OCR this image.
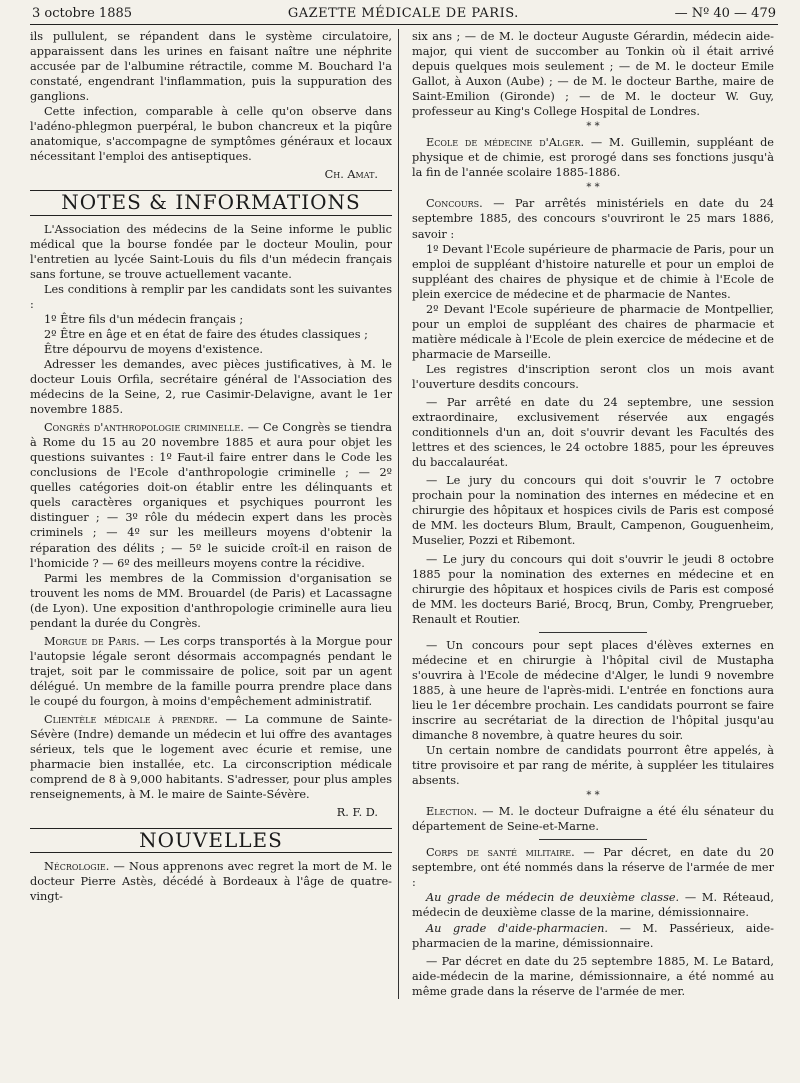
3 octobre 1885	GAZETTE MÉDICALE DE PARIS.	— Nº 40 — 479

ils pullulent, se répandent dans le système circulatoire, apparaissent dans les urines en faisant naître une néphrite accusée par de l'albumine rétractile, comme M. Bouchard l'a constaté, engendrant l'inflammation, puis la suppuration des ganglions.

Cette infection, comparable à celle qu'on observe dans l'adéno-phlegmon puerpéral, le bubon chancreux et la piqûre anatomique, s'accompagne de symptômes généraux et locaux nécessitant l'emploi des antiseptiques.

Ch. Amat.
NOTES & INFORMATIONS

L'Association des médecins de la Seine informe le public médical que la bourse fondée par le docteur Moulin, pour l'entretien au lycée Saint-Louis du fils d'un médecin français sans fortune, se trouve actuellement vacante.

Les conditions à remplir par les candidats sont les suivantes :

1º Être fils d'un médecin français ;

2º Être en âge et en état de faire des études classiques ;

Être dépourvu de moyens d'existence.

Adresser les demandes, avec pièces justificatives, à M. le docteur Louis Orfila, secrétaire général de l'Association des médecins de la Seine, 2, rue Casimir-Delavigne, avant le 1er novembre 1885.

Congrès d'anthropologie criminelle. — Ce Congrès se tiendra à Rome du 15 au 20 novembre 1885 et aura pour objet les questions suivantes : 1º Faut-il faire entrer dans le Code les conclusions de l'Ecole d'anthropologie criminelle ; — 2º quelles catégories doit-on établir entre les délinquants et quels caractères organiques et psychiques pourront les distinguer ; — 3º rôle du médecin expert dans les procès criminels ; — 4º sur les meilleurs moyens d'obtenir la réparation des délits ; — 5º le suicide croît-il en raison de l'homicide ? — 6º des meilleurs moyens contre la récidive.

Parmi les membres de la Commission d'organisation se trouvent les noms de MM. Brouardel (de Paris) et Lacassagne (de Lyon). Une exposition d'anthropologie criminelle aura lieu pendant la durée du Congrès.

Morgue de Paris. — Les corps transportés à la Morgue pour l'autopsie légale seront désormais accompagnés pendant le trajet, soit par le commissaire de police, soit par un agent délégué. Un membre de la famille pourra prendre place dans le coupé du fourgon, à moins d'empêchement administratif.

Clientèle médicale à prendre. — La commune de Sainte-Sévère (Indre) demande un médecin et lui offre des avantages sérieux, tels que le logement avec écurie et remise, une pharmacie bien installée, etc. La circonscription médicale comprend de 8 à 9,000 habitants. S'adresser, pour plus amples renseignements, à M. le maire de Sainte-Sévère.

R. F. D.
NOUVELLES

Nécrologie. — Nous apprenons avec regret la mort de M. le docteur Pierre Astès, décédé à Bordeaux à l'âge de quatre-vingt-

six ans ; — de M. le docteur Auguste Gérardin, médecin aide-major, qui vient de succomber au Tonkin où il était arrivé depuis quelques mois seulement ; — de M. le docteur Emile Gallot, à Auxon (Aube) ; — de M. le docteur Barthe, maire de Saint-Emilion (Gironde) ; — de M. le docteur W. Guy, professeur au King's College Hospital de Londres.

* *

Ecole de médecine d'Alger. — M. Guillemin, suppléant de physique et de chimie, est prorogé dans ses fonctions jusqu'à la fin de l'année scolaire 1885-1886.

* *

Concours. — Par arrêtés ministériels en date du 24 septembre 1885, des concours s'ouvriront le 25 mars 1886, savoir :

1º Devant l'Ecole supérieure de pharmacie de Paris, pour un emploi de suppléant d'histoire naturelle et pour un emploi de suppléant des chaires de physique et de chimie à l'Ecole de plein exercice de médecine et de pharmacie de Nantes.

2º Devant l'Ecole supérieure de pharmacie de Montpellier, pour un emploi de suppléant des chaires de pharmacie et matière médicale à l'Ecole de plein exercice de médecine et de pharmacie de Marseille.

Les registres d'inscription seront clos un mois avant l'ouverture desdits concours.

— Par arrêté en date du 24 septembre, une session extraordinaire, exclusivement réservée aux engagés conditionnels d'un an, doit s'ouvrir devant les Facultés des lettres et des sciences, le 24 octobre 1885, pour les épreuves du baccalauréat.

— Le jury du concours qui doit s'ouvrir le 7 octobre prochain pour la nomination des internes en médecine et en chirurgie des hôpitaux et hospices civils de Paris est composé de MM. les docteurs Blum, Brault, Campenon, Gouguenheim, Muselier, Pozzi et Ribemont.

— Le jury du concours qui doit s'ouvrir le jeudi 8 octobre 1885 pour la nomination des externes en médecine et en chirurgie des hôpitaux et hospices civils de Paris est composé de MM. les docteurs Barié, Brocq, Brun, Comby, Prengrueber, Renault et Routier.

— Un concours pour sept places d'élèves externes en médecine et en chirurgie à l'hôpital civil de Mustapha s'ouvrira à l'Ecole de médecine d'Alger, le lundi 9 novembre 1885, à une heure de l'après-midi. L'entrée en fonctions aura lieu le 1er décembre prochain. Les candidats pourront se faire inscrire au secrétariat de la direction de l'hôpital jusqu'au dimanche 8 novembre, à quatre heures du soir.

Un certain nombre de candidats pourront être appelés, à titre provisoire et par rang de mérite, à suppléer les titulaires absents.

* *

Election. — M. le docteur Dufraigne a été élu sénateur du département de Seine-et-Marne.

Corps de santé militaire. — Par décret, en date du 20 septembre, ont été nommés dans la réserve de l'armée de mer :

Au grade de médecin de deuxième classe. — M. Réteaud, médecin de deuxième classe de la marine, démissionnaire.

Au grade d'aide-pharmacien. — M. Passérieux, aide-pharmacien de la marine, démissionnaire.

— Par décret en date du 25 septembre 1885, M. Le Batard, aide-médecin de la marine, démissionnaire, a été nommé au même grade dans la réserve de l'armée de mer.
